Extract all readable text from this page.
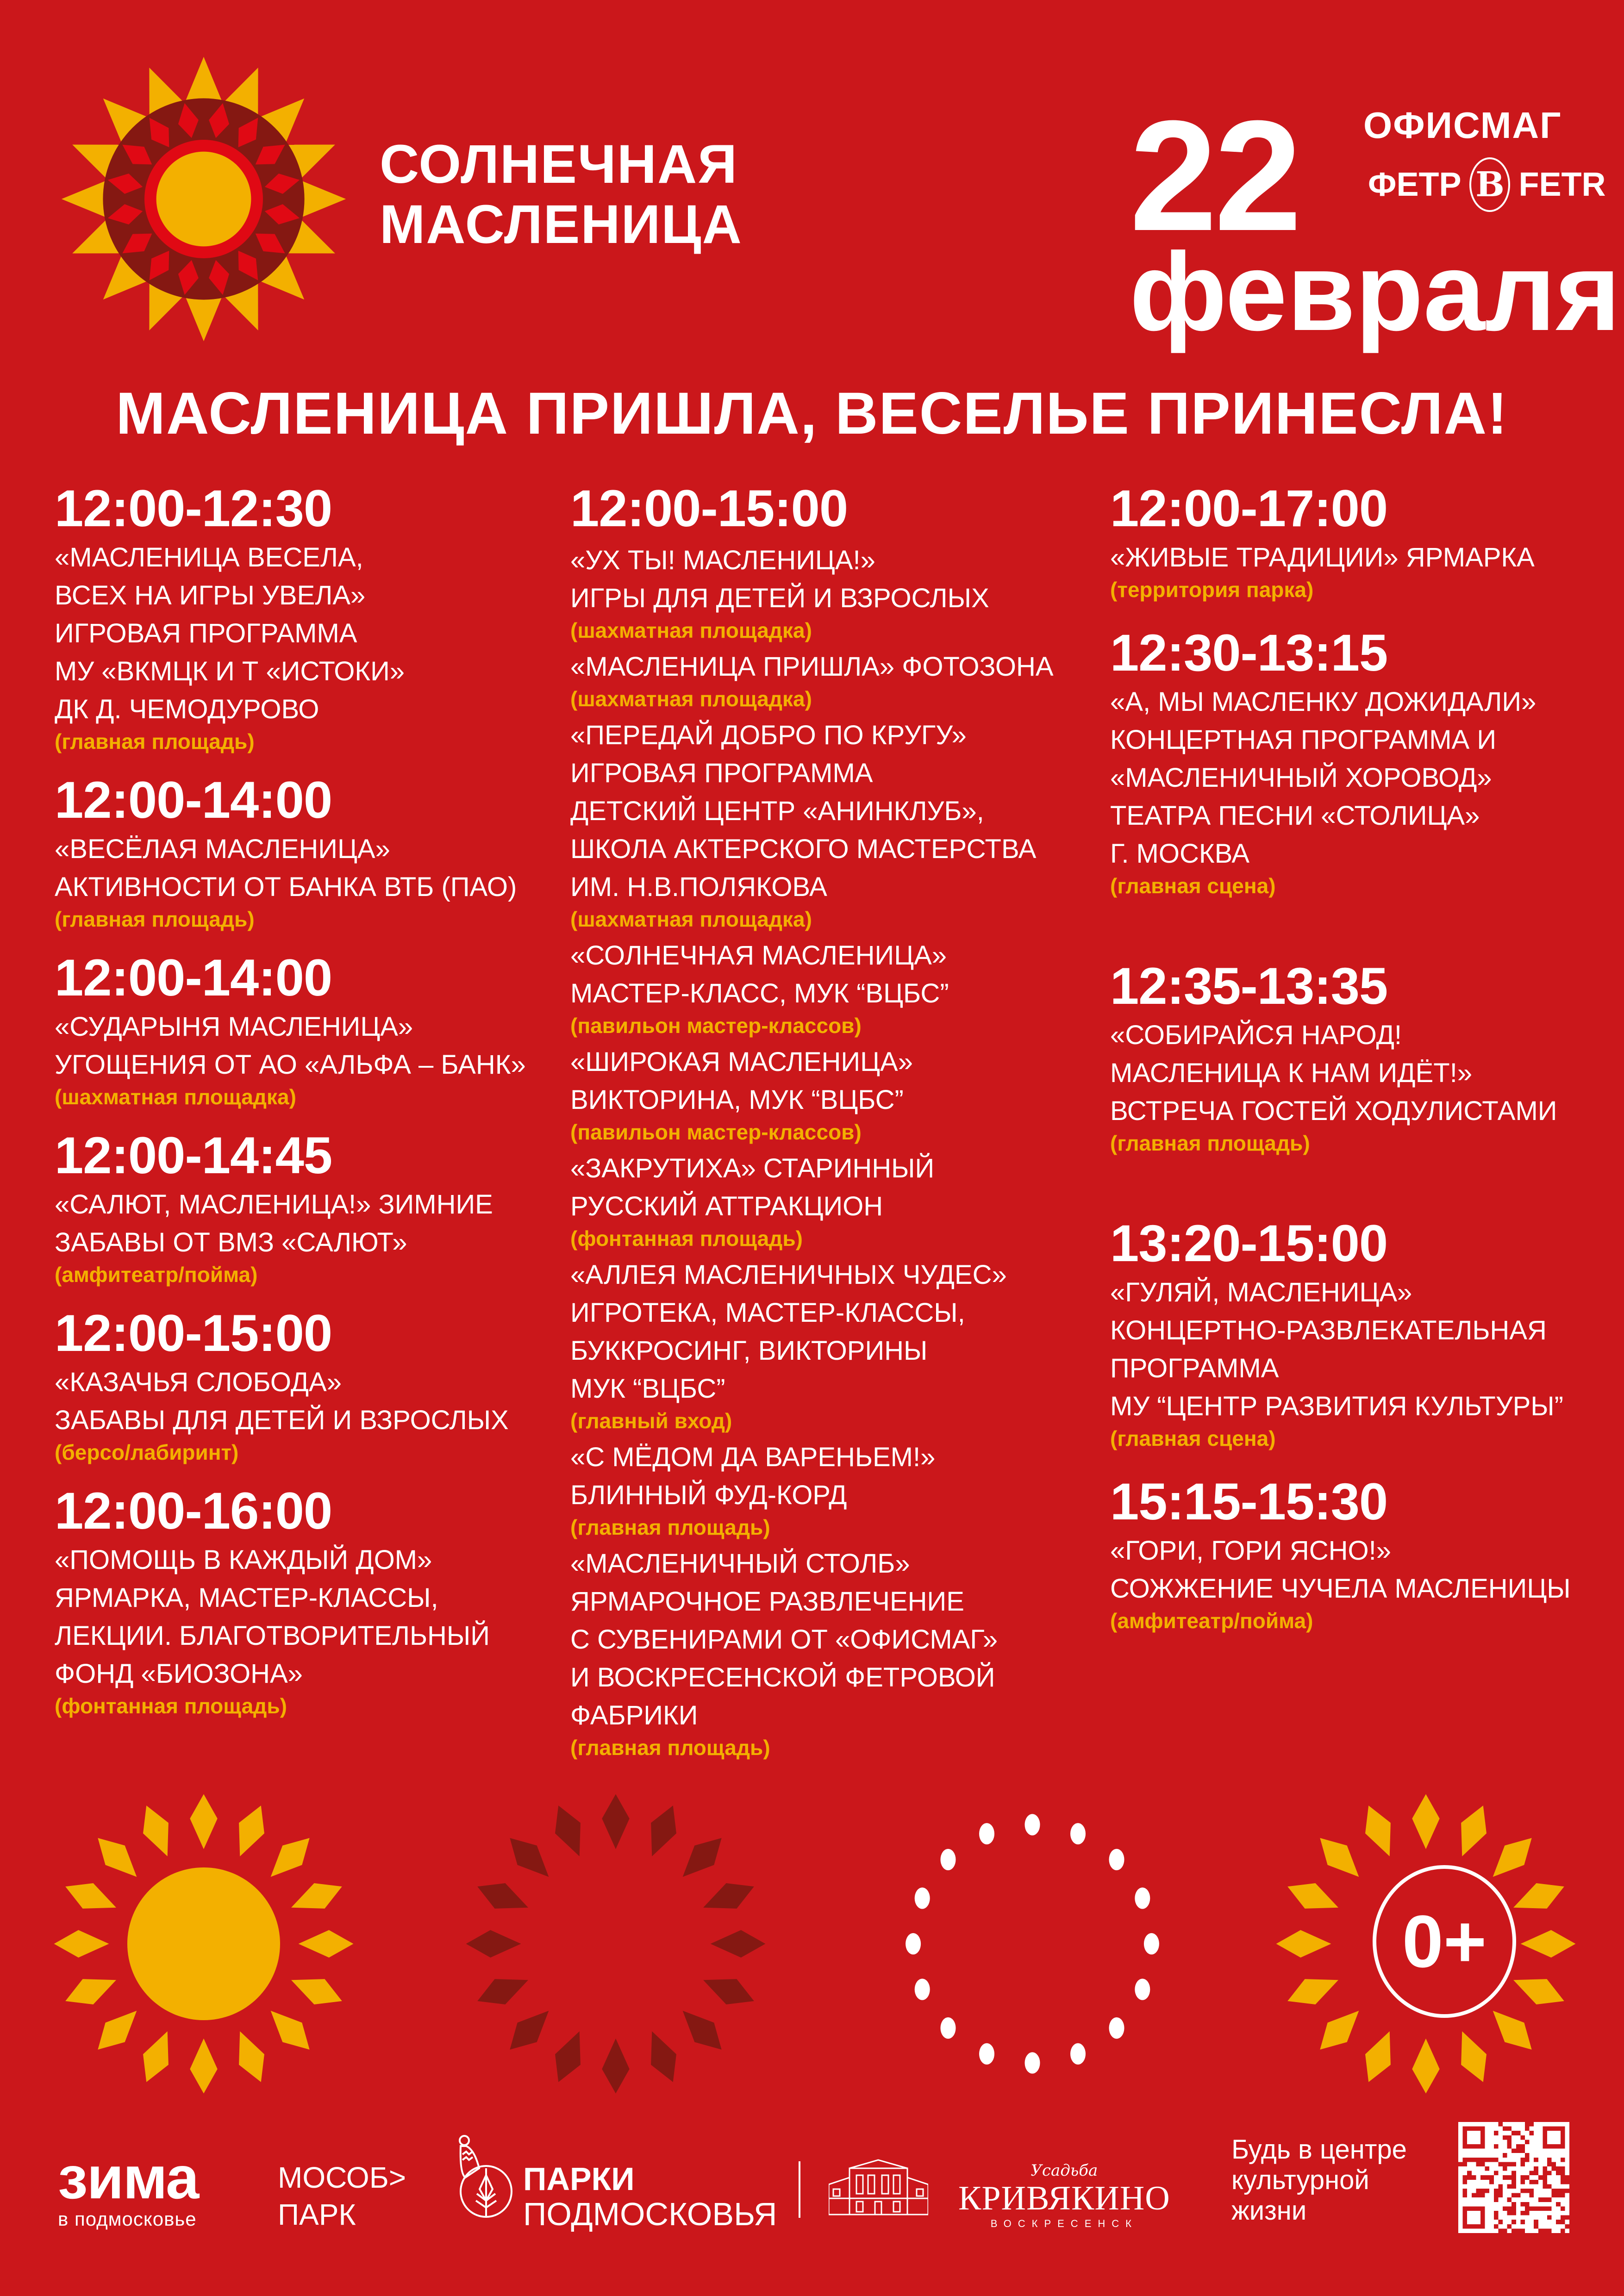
СОЛНЕЧНАЯ
МАСЛЕНИЦА 22
февраля
ОФИСМАГ
ФЕТР В FETR
МАСЛЕНИЦА ПРИШЛА, ВЕСЕЛЬЕ ПРИНЕСЛА!
12:00-12:30
«МАСЛЕНИЦА ВЕСЕЛА,
ВСЕХ НА ИГРЫ УВЕЛА»
ИГРОВАЯ ПРОГРАММА
МУ «ВКМЦК И Т «ИСТОКИ»
ДК Д. ЧЕМОДУРОВО
(главная площадь)
12:00-14:00
«ВЕСЁЛАЯ МАСЛЕНИЦА»
АКТИВНОСТИ ОТ БАНКА ВТБ (ПАО)
(главная площадь)
12:00-14:00
«СУДАРЫНЯ МАСЛЕНИЦА»
УГОЩЕНИЯ ОТ АО «АЛЬФА – БАНК»
(шахматная площадка)
12:00-14:45
«САЛЮТ, МАСЛЕНИЦА!» ЗИМНИЕ
ЗАБАВЫ ОТ ВМЗ «САЛЮТ»
(амфитеатр/пойма)
12:00-15:00
«КАЗАЧЬЯ СЛОБОДА»
ЗАБАВЫ ДЛЯ ДЕТЕЙ И ВЗРОСЛЫХ
(берсо/лабиринт)
12:00-16:00
«ПОМОЩЬ В КАЖДЫЙ ДОМ»
ЯРМАРКА, МАСТЕР-КЛАССЫ,
ЛЕКЦИИ. БЛАГОТВОРИТЕЛЬНЫЙ
ФОНД «БИОЗОНА»
(фонтанная площадь)
12:00-15:00
«УХ ТЫ! МАСЛЕНИЦА!»
ИГРЫ ДЛЯ ДЕТЕЙ И ВЗРОСЛЫХ
(шахматная площадка)
«МАСЛЕНИЦА ПРИШЛА» ФОТОЗОНА
(шахматная площадка)
«ПЕРЕДАЙ ДОБРО ПО КРУГУ»
ИГРОВАЯ ПРОГРАММА
ДЕТСКИЙ ЦЕНТР «АНИНКЛУБ»,
ШКОЛА АКТЕРСКОГО МАСТЕРСТВА
ИМ. Н.В.ПОЛЯКОВА
(шахматная площадка)
«СОЛНЕЧНАЯ МАСЛЕНИЦА»
МАСТЕР-КЛАСС, МУК “ВЦБС”
(павильон мастер-классов)
«ШИРОКАЯ МАСЛЕНИЦА»
ВИКТОРИНА, МУК “ВЦБС”
(павильон мастер-классов)
«ЗАКРУТИХА» СТАРИННЫЙ
РУССКИЙ АТТРАКЦИОН
(фонтанная площадь)
«АЛЛЕЯ МАСЛЕНИЧНЫХ ЧУДЕС»
ИГРОТЕКА, МАСТЕР-КЛАССЫ,
БУККРОСИНГ, ВИКТОРИНЫ
МУК “ВЦБС”
(главный вход)
«С МЁДОМ ДА ВАРЕНЬЕМ!»
БЛИННЫЙ ФУД-КОРД
(главная площадь)
«МАСЛЕНИЧНЫЙ СТОЛБ»
ЯРМАРОЧНОЕ РАЗВЛЕЧЕНИЕ
С СУВЕНИРАМИ ОТ «ОФИСМАГ»
И ВОСКРЕСЕНСКОЙ ФЕТРОВОЙ
ФАБРИКИ
(главная площадь)
12:00-17:00
«ЖИВЫЕ ТРАДИЦИИ» ЯРМАРКА
(территория парка)
12:30-13:15
«А, МЫ МАСЛЕНКУ ДОЖИДАЛИ»
КОНЦЕРТНАЯ ПРОГРАММА И
«МАСЛЕНИЧНЫЙ ХОРОВОД»
ТЕАТРА ПЕСНИ «СТОЛИЦА»
Г. МОСКВА
(главная сцена)
12:35-13:35
«СОБИРАЙСЯ НАРОД!
МАСЛЕНИЦА К НАМ ИДЁТ!»
ВСТРЕЧА ГОСТЕЙ ХОДУЛИСТАМИ
(главная площадь)
13:20-15:00
«ГУЛЯЙ, МАСЛЕНИЦА»
КОНЦЕРТНО-РАЗВЛЕКАТЕЛЬНАЯ
ПРОГРАММА
МУ “ЦЕНТР РАЗВИТИЯ КУЛЬТУРЫ”
(главная сцена)
15:15-15:30
«ГОРИ, ГОРИ ЯСНО!»
СОЖЖЕНИЕ ЧУЧЕЛА МАСЛЕНИЦЫ
(амфитеатр/пойма)
0+
зима
в подмосковье
МОСОБ>
ПАРК
ПАРКИ
ПОДМОСКОВЬЯ
Усадьба
КРИВЯКИНО
ВОСКРЕСЕНСК
Будь в центре
культурной
жизни
